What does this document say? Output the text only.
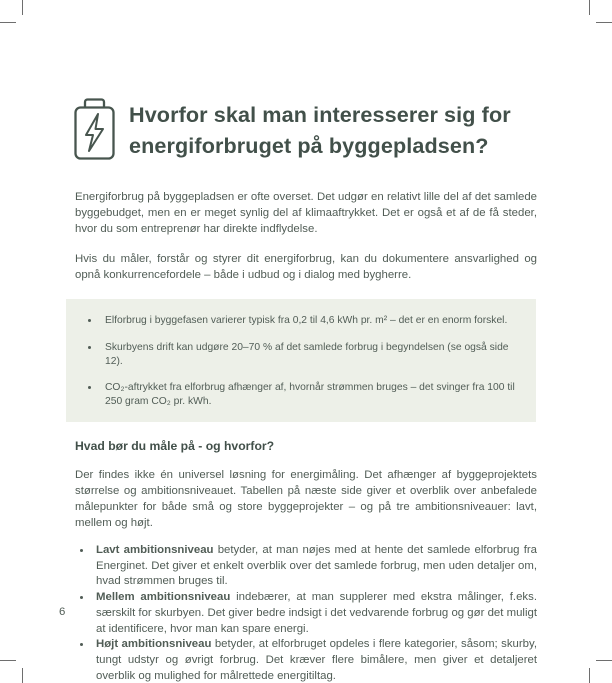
Hvorfor skal man interesserer sig for
energiforbruget på byggepladsen?

Energiforbrug på byggepladsen er ofte overset. Det udgør en relativt lille del af det samlede byggebudget, men en er meget synlig del af klimaaftrykket. Det er også et af de få steder, hvor du som entreprenør har direkte indflydelse.

Hvis du måler, forstår og styrer dit energiforbrug, kan du dokumentere ansvarlighed og opnå konkurrencefordele – både i udbud og i dialog med bygherre.

Elforbrug i byggefasen varierer typisk fra 0,2 til 4,6 kWh pr. m² – det er en enorm forskel.
Skurbyens drift kan udgøre 20–70 % af det samlede forbrug i begyndelsen (se også side 12).
CO₂-aftrykket fra elforbrug afhænger af, hvornår strømmen bruges – det svinger fra 100 til 250 gram CO₂ pr. kWh.

Hvad bør du måle på - og hvorfor?

Der findes ikke én universel løsning for energimåling. Det afhænger af byggeprojektets størrelse og ambitionsniveauet. Tabellen på næste side giver et overblik over anbefalede målepunkter for både små og store byggeprojekter – og på tre ambitionsniveauer: lavt, mellem og højt.

Lavt ambitionsniveau betyder, at man nøjes med at hente det samlede elforbrug fra Energinet. Det giver et enkelt overblik over det samlede forbrug, men uden detaljer om, hvad strømmen bruges til.
Mellem ambitionsniveau indebærer, at man supplerer med ekstra målinger, f.eks. særskilt for skurbyen. Det giver bedre indsigt i det vedvarende forbrug og gør det muligt at identificere, hvor man kan spare energi.
Højt ambitionsniveau betyder, at elforbruget opdeles i flere kategorier, såsom; skurby, tungt udstyr og øvrigt forbrug. Det kræver flere bimålere, men giver et detaljeret overblik og mulighed for målrettede energitiltag.
6
